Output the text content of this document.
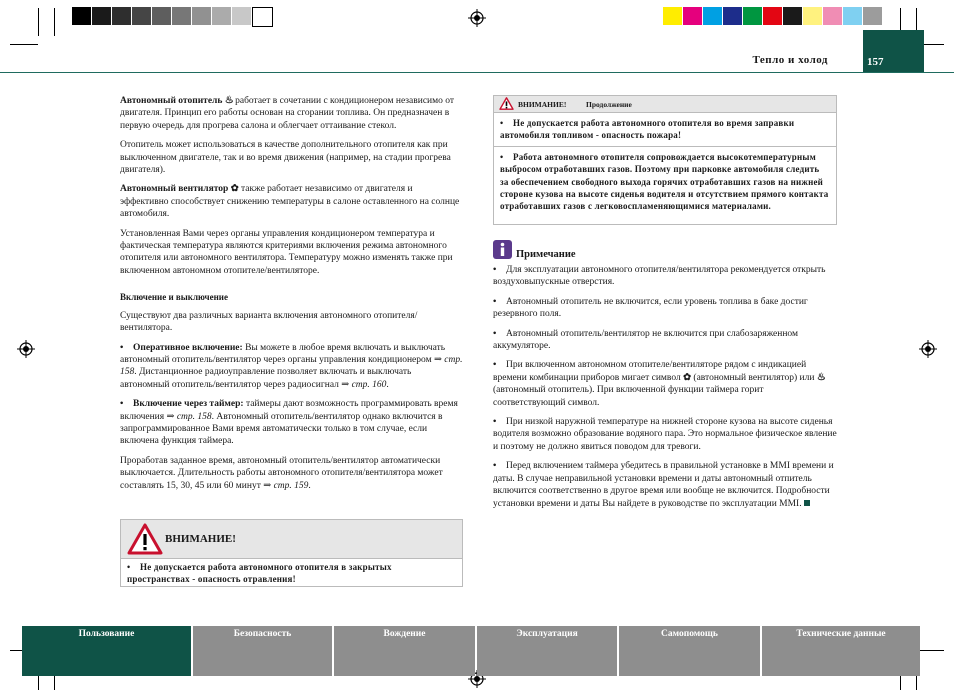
Тепло и холод	157

Автономный отопитель ♨ работает в сочетании с кондиционером независимо от двигателя. Принцип его работы основан на сгорании топлива. Он предназначен в первую очередь для прогрева салона и облегчает оттаивание стекол.

Отопитель может использоваться в качестве дополнительного отопителя как при выключенном двигателе, так и во время движения (например, на стадии прогрева двигателя).

Автономный вентилятор ✿ также работает независимо от двигателя и эффективно способствует снижению температуры в салоне оставленного на солнце автомобиля.

Установленная Вами через органы управления кондиционером температура и фактическая температура являются критериями включения режима автономного отопителя или автономного вентилятора. Температуру можно изменять также при включенном автономном отопителе/вентиляторе.

Включение и выключение

Существуют два различных варианта включения автономного отопителя/вентилятора.

• Оперативное включение: Вы можете в любое время включать и выключать автономный отопитель/вентилятор через органы управления кондиционером ⇒ стр. 158. Дистанционное радиоуправление позволяет включать и выключать автономный отопитель/вентилятор через радиосигнал ⇒ стр. 160.

• Включение через таймер: таймеры дают возможность программировать время включения ⇒ стр. 158. Автономный отопитель/вентилятор однако включится в запрограммированное Вами время автоматически только в том случае, если включена функция таймера.

Проработав заданное время, автономный отопитель/вентилятор автоматически выключается. Длительность работы автономного отопителя/вентилятора может составлять 15, 30, 45 или 60 минут ⇒ стр. 159.

ВНИМАНИЕ!
• Не допускается работа автономного отопителя в закрытых пространствах - опасность отравления!
ВНИМАНИЕ!	Продолжение
• Не допускается работа автономного отопителя во время заправки автомобиля топливом - опасность пожара!
• Работа автономного отопителя сопровождается высокотемпературным выбросом отработавших газов. Поэтому при парковке автомобиля следить за обеспечением свободного выхода горячих отработавших газов на нижней стороне кузова на высоте сиденья водителя и отсутствием прямого контакта отработавших газов с легковоспламеняющимися материалами.
Примечание

• Для эксплуатации автономного отопителя/вентилятора рекомендуется открыть воздуховыпускные отверстия.

• Автономный отопитель не включится, если уровень топлива в баке достиг резервного поля.

• Автономный отопитель/вентилятор не включится при слабозаряженном аккумуляторе.

• При включенном автономном отопителе/вентиляторе рядом с индикацией времени комбинации приборов мигает символ ✿ (автономный вентилятор) или ♨ (автономный отопитель). При включенной функции таймера горит соответствующий символ.

• При низкой наружной температуре на нижней стороне кузова на высоте сиденья водителя возможно образование водяного пара. Это нормальное физическое явление и поэтому не должно явиться поводом для тревоги.

• Перед включением таймера убедитесь в правильной установке в MMI времени и даты. В случае неправильной установки времени и даты автономный отпитель включится соответственно в другое время или вообще не включится. Подробности установки времени и даты Вы найдете в руководстве по эксплуатации MMI.

Пользование	Безопасность	Вождение	Эксплуатация	Самопомощь	Технические данные
